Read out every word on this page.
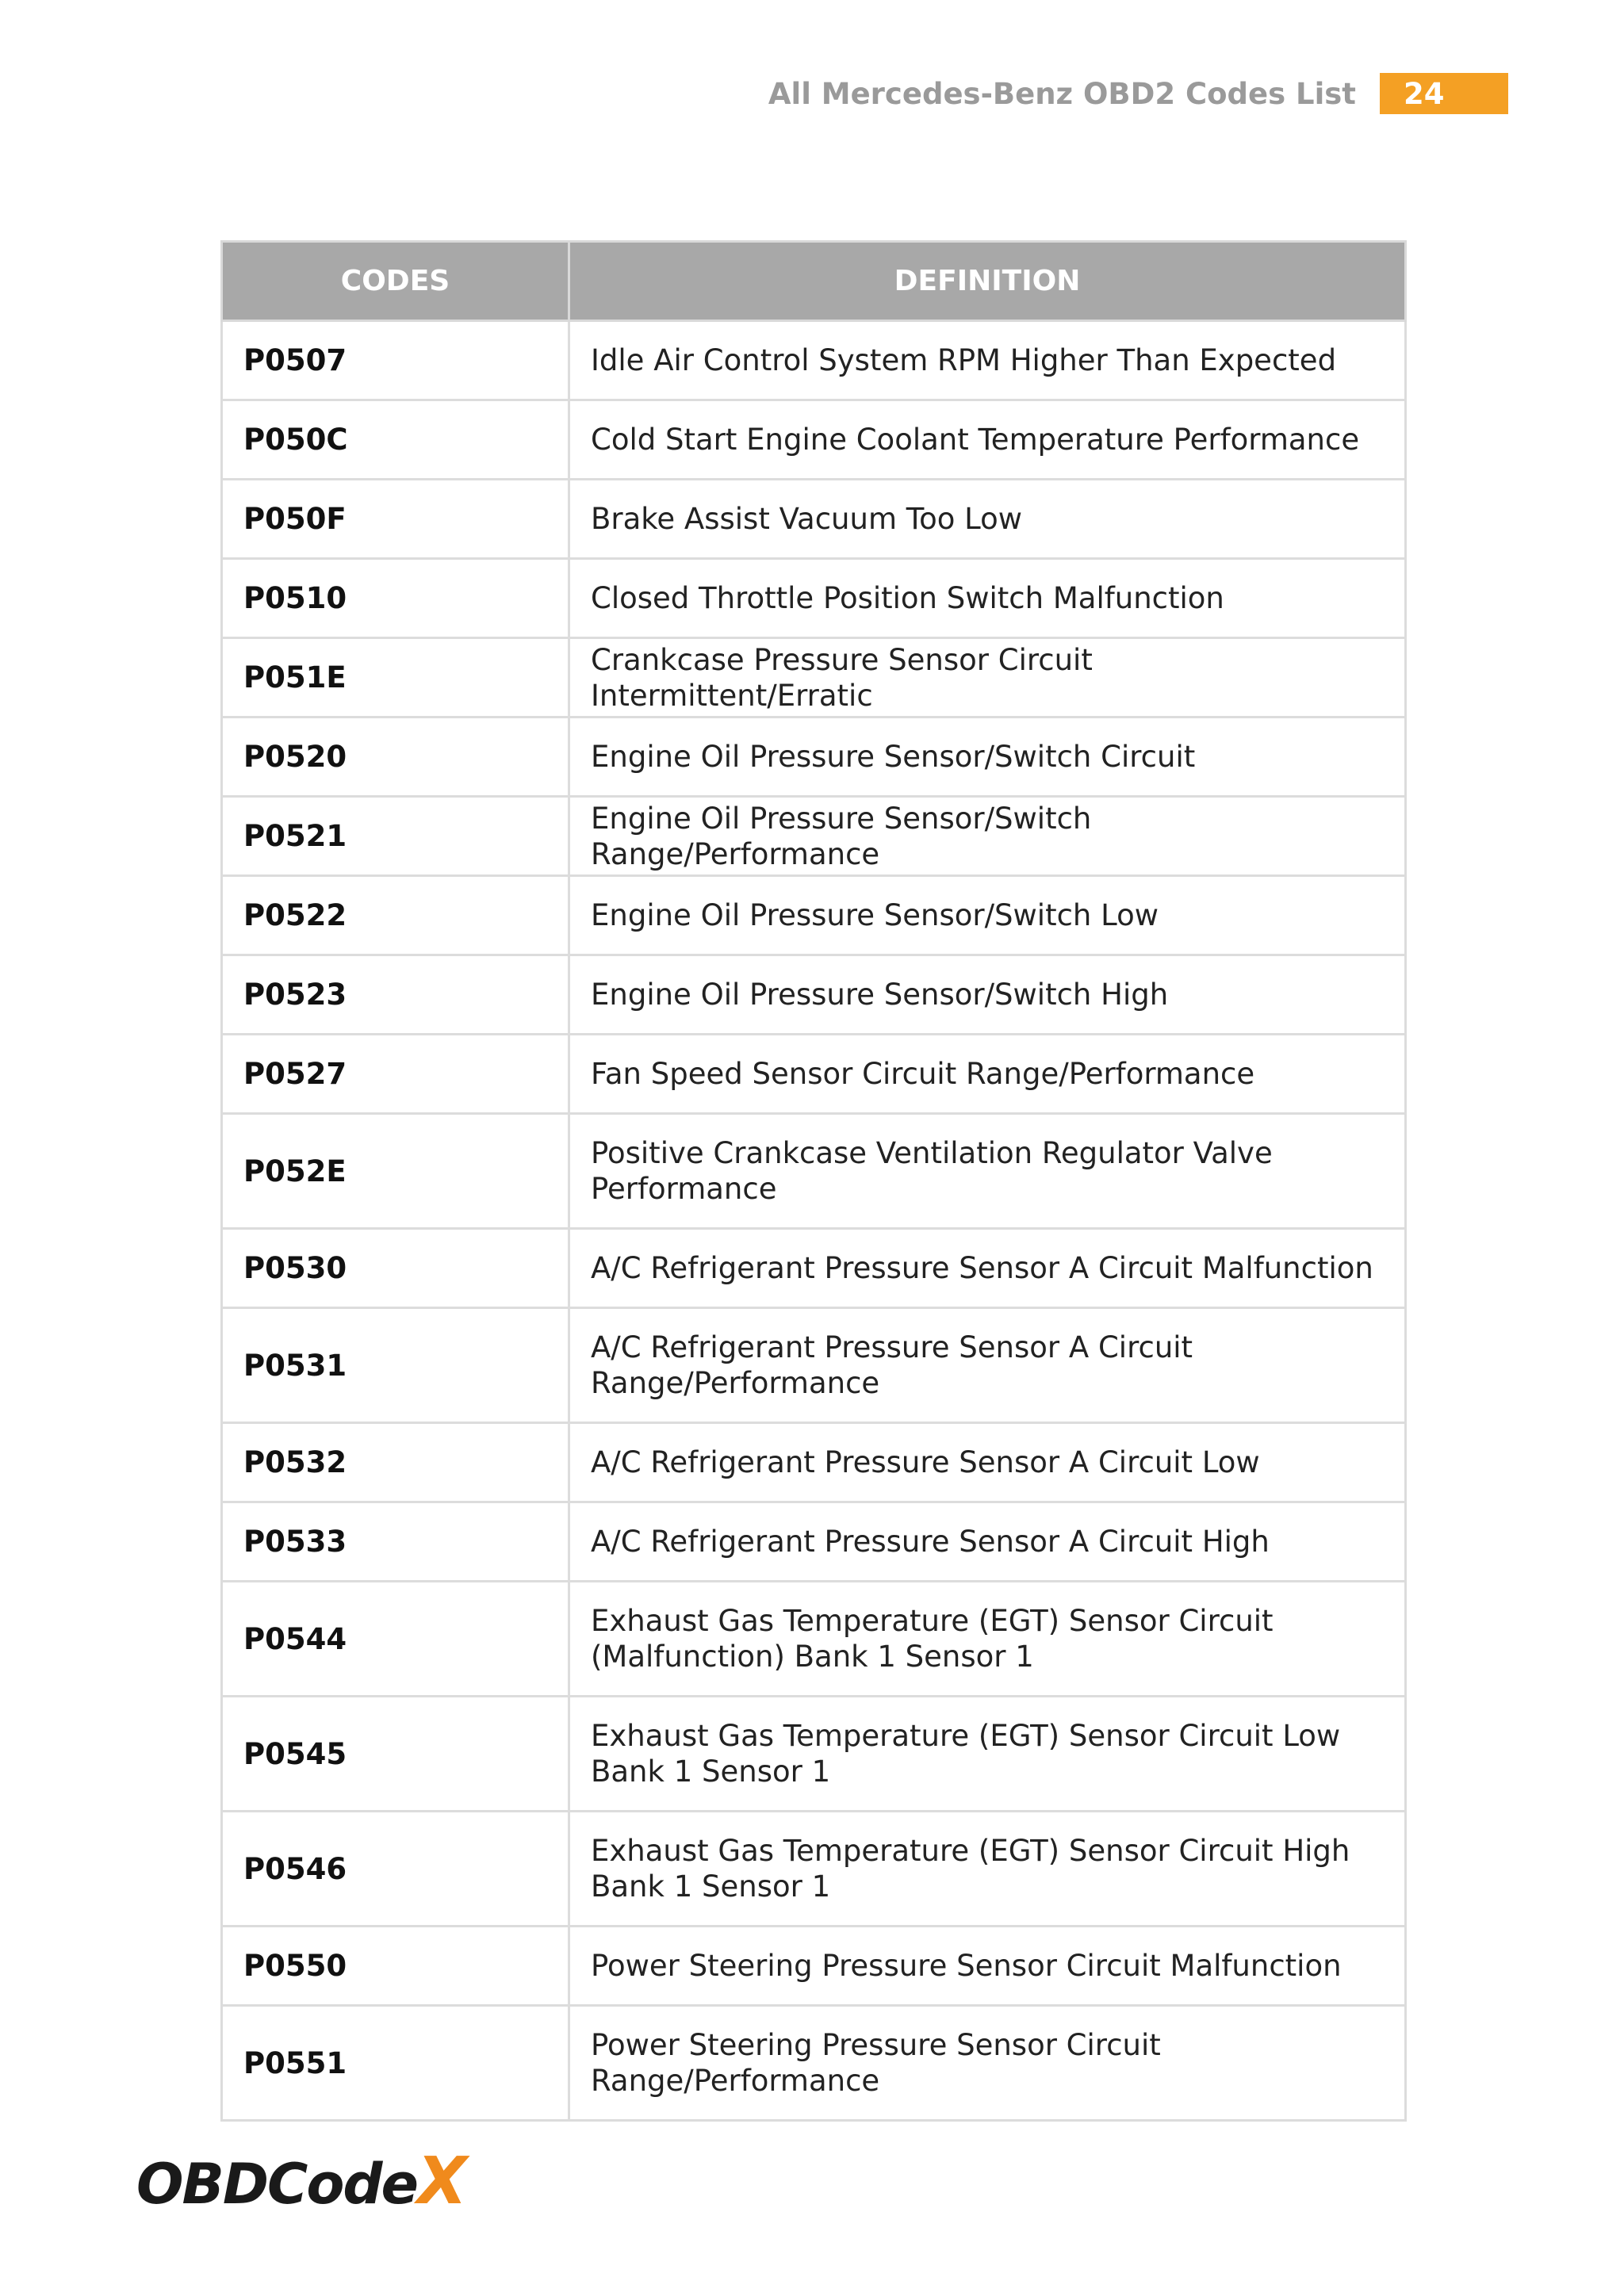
All Mercedes-Benz OBD2 Codes List	24
CODES	DEFINITION
P0507	Idle Air Control System RPM Higher Than Expected
P050C	Cold Start Engine Coolant Temperature Performance
P050F	Brake Assist Vacuum Too Low
P0510	Closed Throttle Position Switch Malfunction
P051E	Crankcase Pressure Sensor Circuit Intermittent/Erratic
P0520	Engine Oil Pressure Sensor/Switch Circuit
P0521	Engine Oil Pressure Sensor/Switch Range/Performance
P0522	Engine Oil Pressure Sensor/Switch Low
P0523	Engine Oil Pressure Sensor/Switch High
P0527	Fan Speed Sensor Circuit Range/Performance
P052E	Positive Crankcase Ventilation Regulator Valve Performance
P0530	A/C Refrigerant Pressure Sensor A Circuit Malfunction
P0531	A/C Refrigerant Pressure Sensor A Circuit Range/Performance
P0532	A/C Refrigerant Pressure Sensor A Circuit Low
P0533	A/C Refrigerant Pressure Sensor A Circuit High
P0544	Exhaust Gas Temperature (EGT) Sensor Circuit (Malfunction) Bank 1 Sensor 1
P0545	Exhaust Gas Temperature (EGT) Sensor Circuit Low Bank 1 Sensor 1
P0546	Exhaust Gas Temperature (EGT) Sensor Circuit High Bank 1 Sensor 1
P0550	Power Steering Pressure Sensor Circuit Malfunction
P0551	Power Steering Pressure Sensor Circuit Range/Performance
OBDCode X
